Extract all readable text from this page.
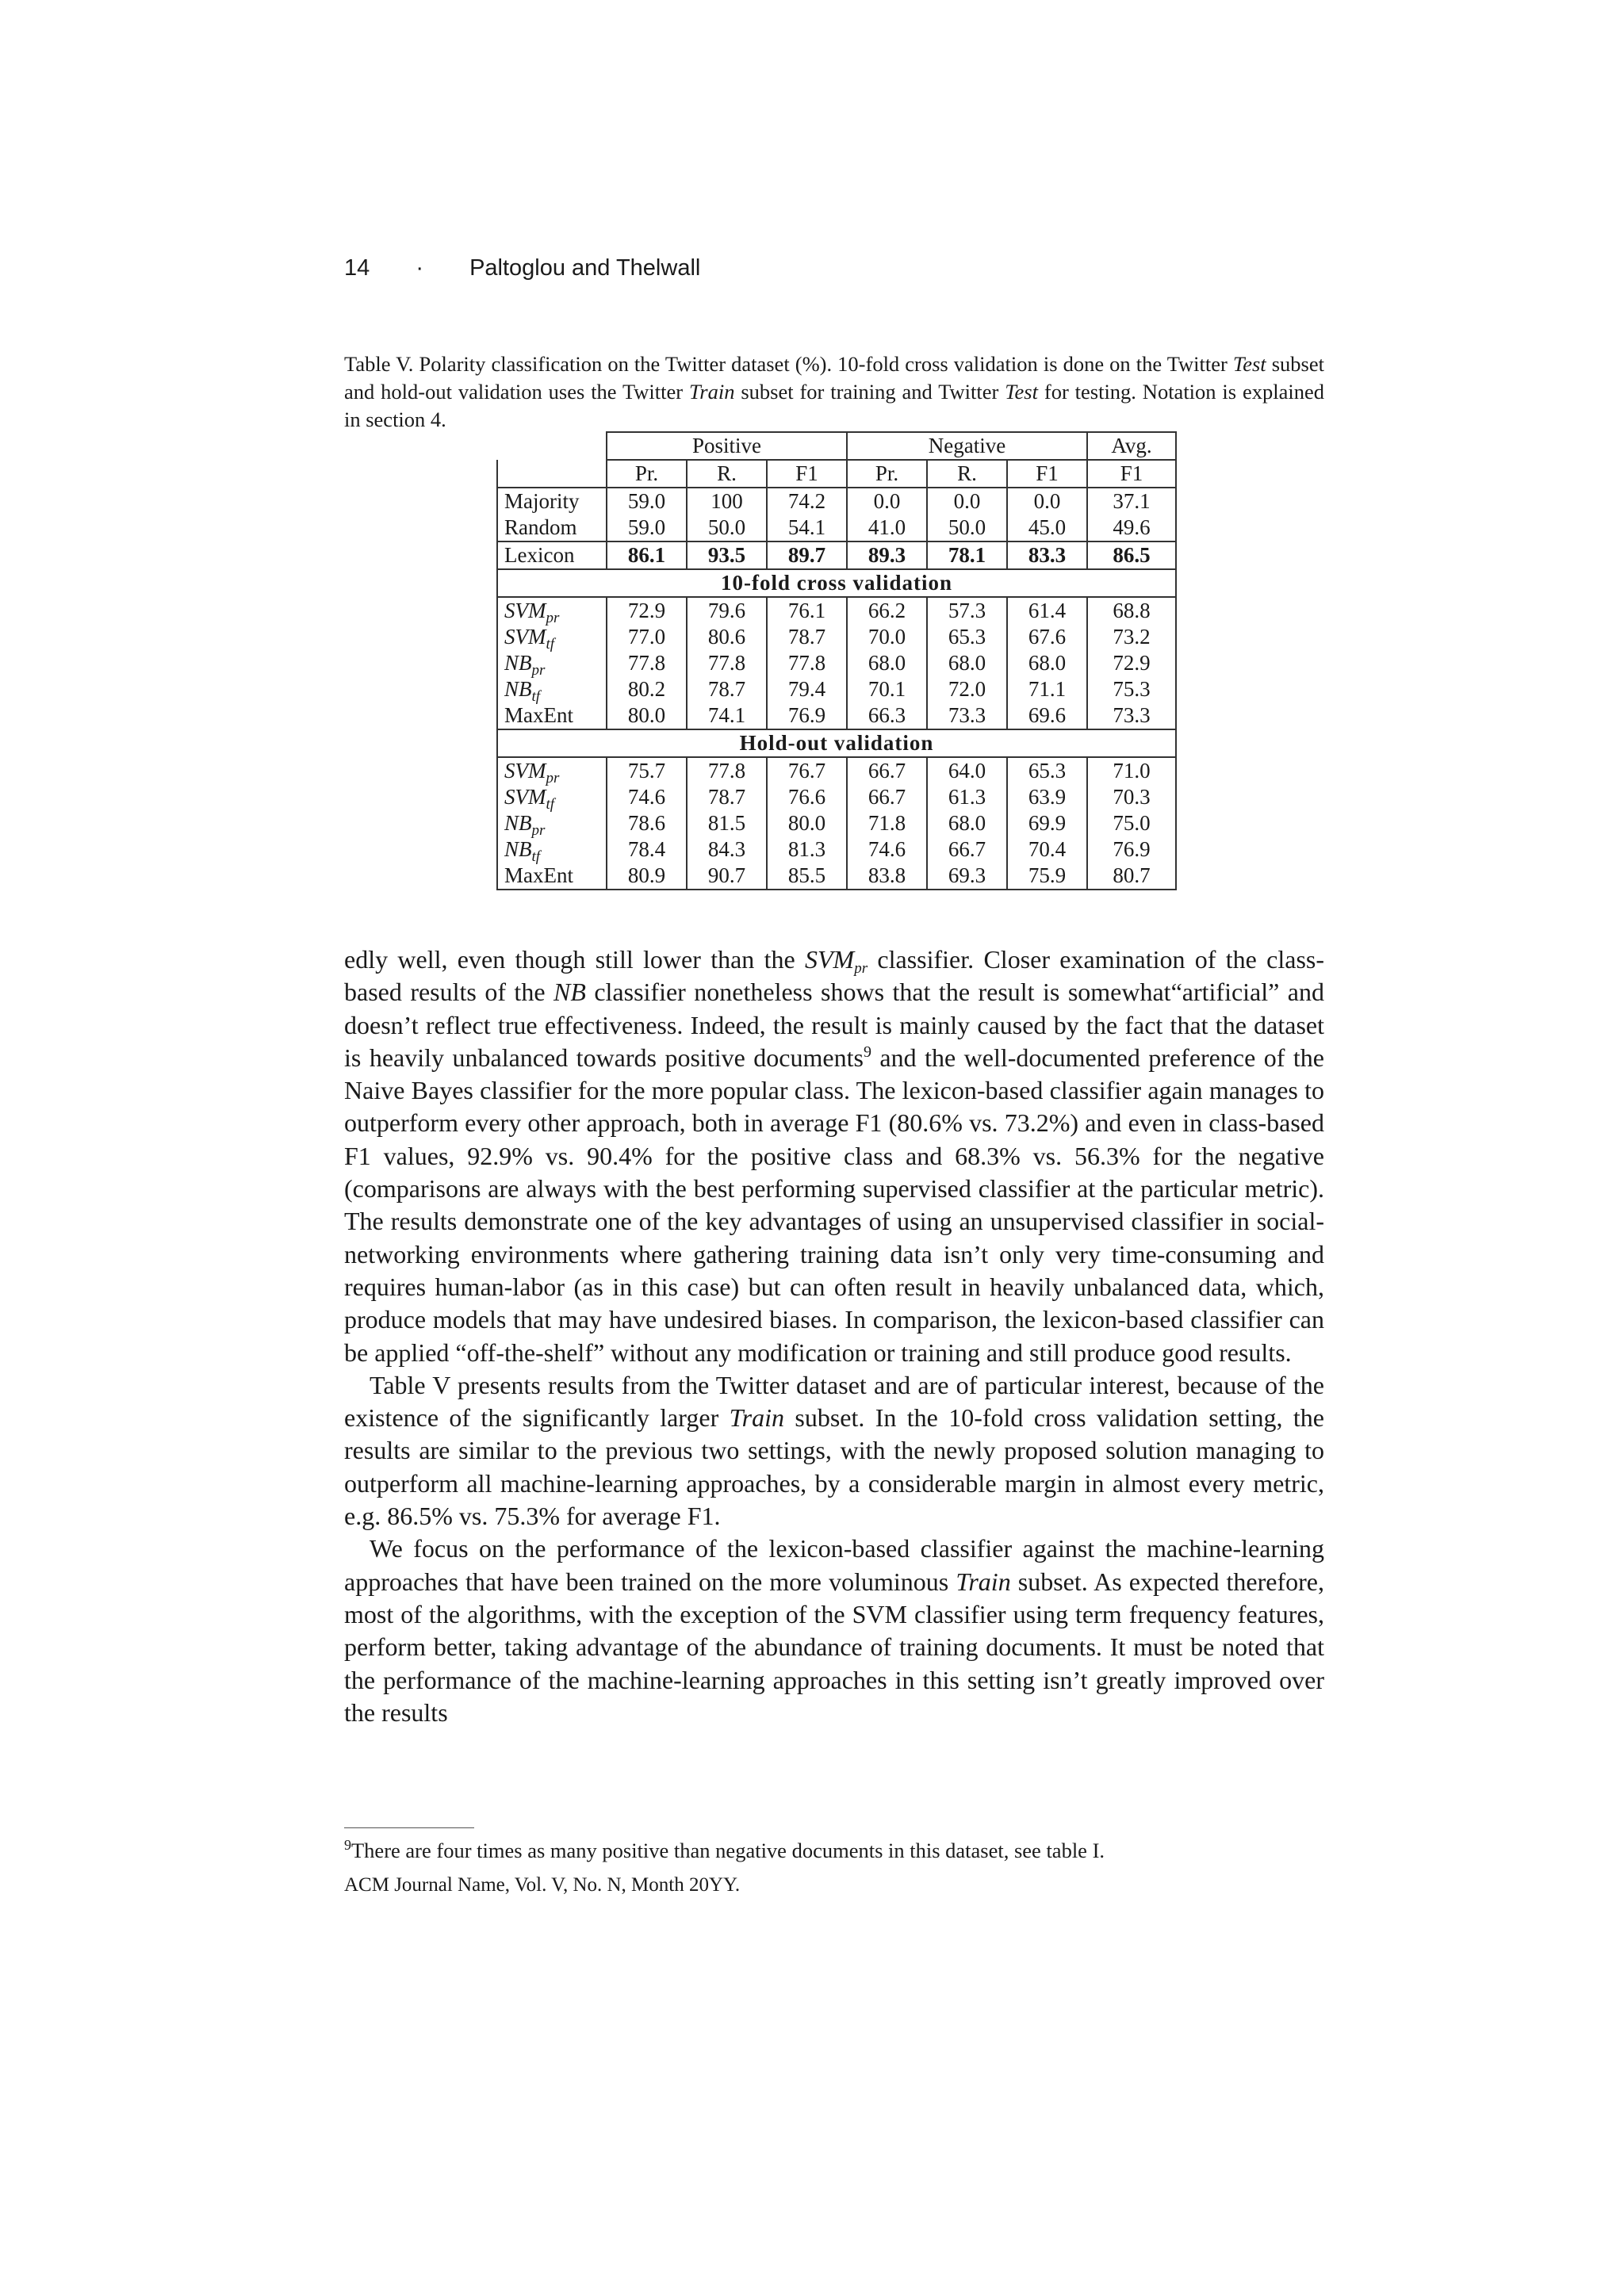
14 · Paltoglou and Thelwall
Table V. Polarity classification on the Twitter dataset (%). 10-fold cross validation is done on the Twitter Test subset and hold-out validation uses the Twitter Train subset for training and Twitter Test for testing. Notation is explained in section 4.
	Positive			Negative			Avg.
	Pr.	R.	F1	Pr.	R.	F1	F1
Majority	59.0	100	74.2	0.0	0.0	0.0	37.1
Random	59.0	50.0	54.1	41.0	50.0	45.0	49.6
Lexicon	86.1	93.5	89.7	89.3	78.1	83.3	86.5
10-fold cross validation							
$SVM_{pr}$	72.9	79.6	76.1	66.2	57.3	61.4	68.8
$SVM_{tf}$	77.0	80.6	78.7	70.0	65.3	67.6	73.2
$NB_{pr}$	77.8	77.8	77.8	68.0	68.0	68.0	72.9
$NB_{tf}$	80.2	78.7	79.4	70.1	72.0	71.1	75.3
MaxEnt	80.0	74.1	76.9	66.3	73.3	69.6	73.3
Hold-out validation							
$SVM_{pr}$	75.7	77.8	76.7	66.7	64.0	65.3	71.0
$SVM_{tf}$	74.6	78.7	76.6	66.7	61.3	63.9	70.3
$NB_{pr}$	78.6	81.5	80.0	71.8	68.0	69.9	75.0
$NB_{tf}$	78.4	84.3	81.3	74.6	66.7	70.4	76.9
MaxEnt	80.9	90.7	85.5	83.8	69.3	75.9	80.7

edly well, even though still lower than the $SVM_{pr}$ classifier. Closer examination of the class-based results of the NB classifier nonetheless shows that the result is somewhat“artificial” and doesn’t reflect true effectiveness. Indeed, the result is mainly caused by the fact that the dataset is heavily unbalanced towards positive documents$^9$ and the well-documented preference of the Naive Bayes classifier for the more popular class. The lexicon-based classifier again manages to outperform every other approach, both in average F1 (80.6% vs. 73.2%) and even in class-based F1 values, 92.9% vs. 90.4% for the positive class and 68.3% vs. 56.3% for the negative (comparisons are always with the best performing supervised classifier at the particular metric). The results demonstrate one of the key advantages of using an unsupervised classifier in social-networking environments where gathering training data isn’t only very time-consuming and requires human-labor (as in this case) but can often result in heavily unbalanced data, which, produce models that may have undesired biases. In comparison, the lexicon-based classifier can be applied “off-the-shelf” without any modification or training and still produce good results.

Table V presents results from the Twitter dataset and are of particular interest, because of the existence of the significantly larger Train subset. In the 10-fold cross validation setting, the results are similar to the previous two settings, with the newly proposed solution managing to outperform all machine-learning approaches, by a considerable margin in almost every metric, e.g. 86.5% vs. 75.3% for average F1.

We focus on the performance of the lexicon-based classifier against the machine-learning approaches that have been trained on the more voluminous Train subset. As expected therefore, most of the algorithms, with the exception of the SVM classifier using term frequency features, perform better, taking advantage of the abundance of training documents. It must be noted that the performance of the machine-learning approaches in this setting isn’t greatly improved over the results

$^9$There are four times as many positive than negative documents in this dataset, see table I.
ACM Journal Name, Vol. V, No. N, Month 20YY.
